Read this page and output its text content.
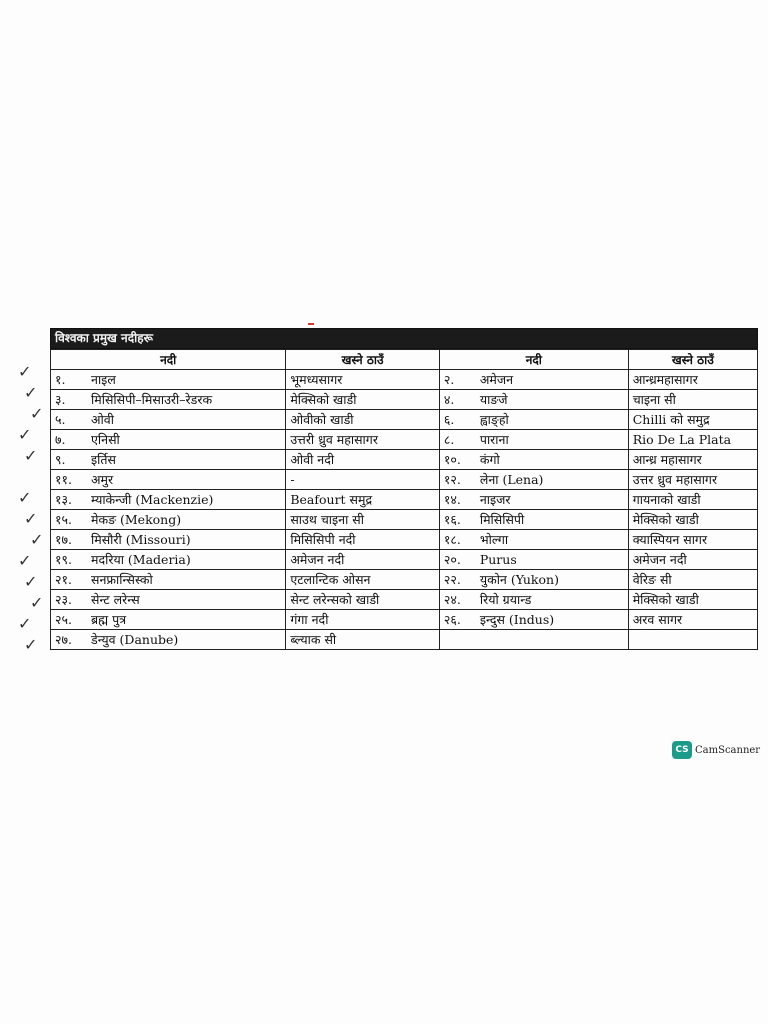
विश्वका प्रमुख नदीहरू
नदी	खस्ने ठाउँ	नदी	खस्ने ठाउँ
१. नाइल	भूमध्यसागर	२. अमेजन	आन्ध्रमहासागर
३. मिसिसिपी–मिसाउरी–रेडरक	मेक्सिको खाडी	४. याङजे	चाइना सी
५. ओवी	ओवीको खाडी	६. ह्वाङ्हो	Chilli को समुद्र
७. एनिसी	उत्तरी ध्रुव महासागर	८. पाराना	Rio De La Plata
९. इर्तिस	ओवी नदी	१०. कंगो	आन्ध्र महासागर
११. अमुर	-	१२. लेना (Lena)	उत्तर ध्रुव महासागर
१३. म्याकेन्जी (Mackenzie)	Beafourt समुद्र	१४. नाइजर	गायनाको खाडी
१५. मेकङ (Mekong)	साउथ चाइना सी	१६. मिसिसिपी	मेक्सिको खाडी
१७. मिसौरी (Missouri)	मिसिसिपी नदी	१८. भोल्गा	क्यास्पियन सागर
१९. मदरिया (Maderia)	अमेजन नदी	२०. Purus	अमेजन नदी
२१. सनफ्रान्सिस्को	एटलान्टिक ओसन	२२. युकोन (Yukon)	वेरिङ सी
२३. सेन्ट लरेन्स	सेन्ट लरेन्सको खाडी	२४. रियो ग्रयान्ड	मेक्सिको खाडी
२५. ब्रह्म पुत्र	गंगा नदी	२६. इन्दुस (Indus)	अरव सागर
२७. डेन्युव (Danube)	ब्ल्याक सी		
✓
✓
✓
✓
✓
✓
✓
✓
✓
✓
✓
✓
✓
CS CamScanner
